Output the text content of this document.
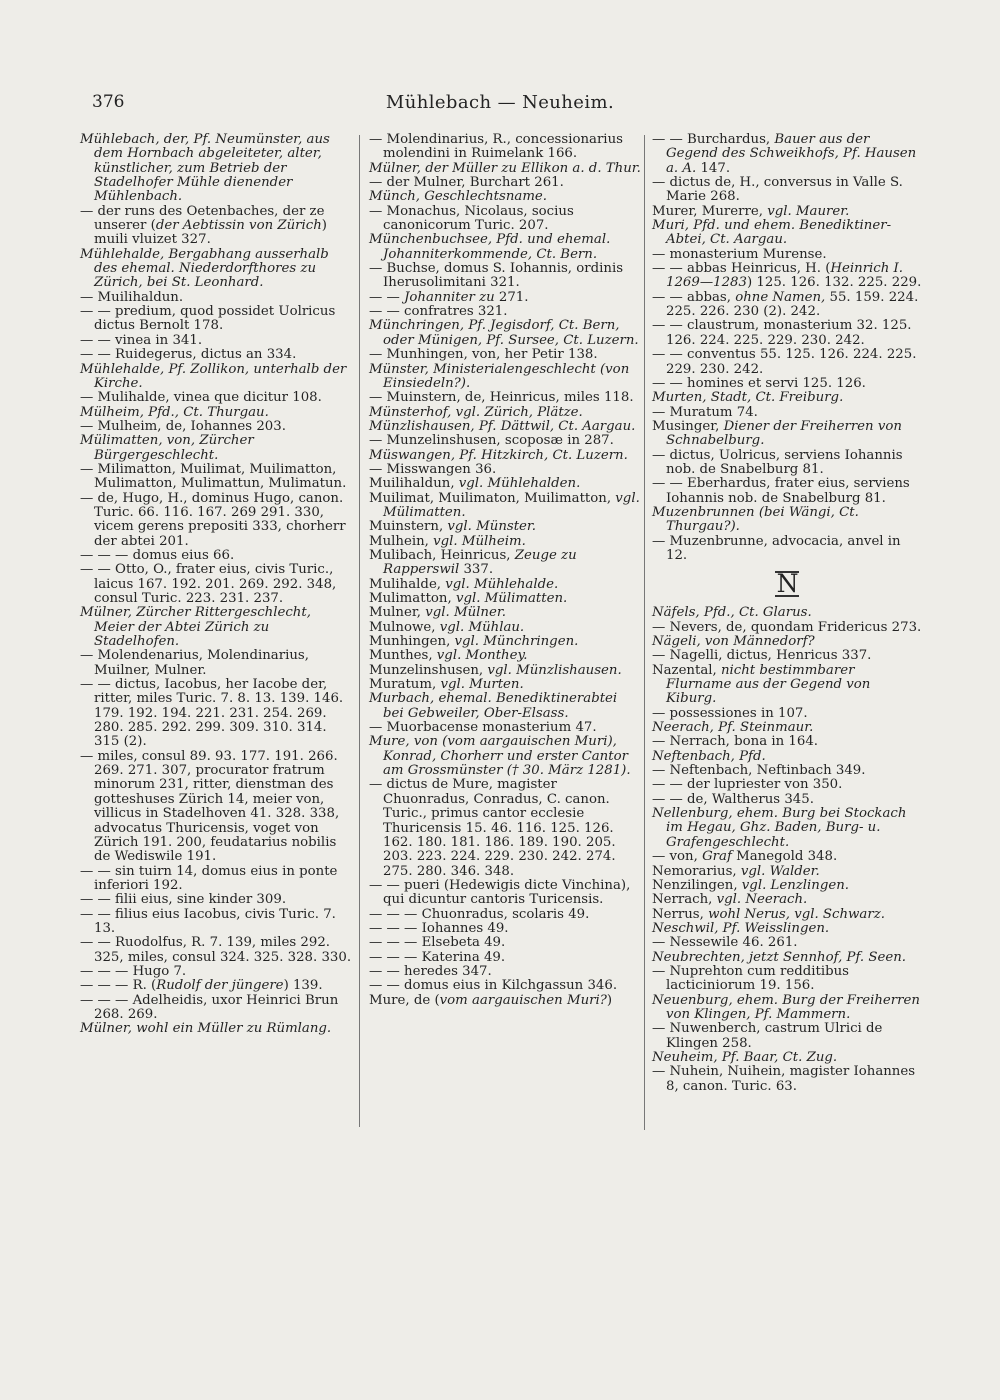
376	Mühlebach — Neuheim.

Mühlebach, der, Pf. Neumünster, aus dem Hornbach abgeleiteter, alter, künstlicher, zum Betrieb der Stadelhofer Mühle dienender Mühlenbach.

— der runs des Oetenbaches, der ze unserer (der Aebtissin von Zürich) muili vluizet 327.

Mühlehalde, Bergabhang ausserhalb des ehemal. Niederdorfthores zu Zürich, bei St. Leonhard.

— Muilihaldun.

— — predium, quod possidet Uolricus dictus Bernolt 178.

— — vinea in 341.

— — Ruidegerus, dictus an 334.

Mühlehalde, Pf. Zollikon, unterhalb der Kirche.

— Mulihalde, vinea que dicitur 108.

Mülheim, Pfd., Ct. Thurgau.

— Mulheim, de, Iohannes 203.

Mülimatten, von, Zürcher Bürgergeschlecht.

— Milimatton, Muilimat, Muilimatton, Mulimatton, Mulimattun, Mulimatun.

— de, Hugo, H., dominus Hugo, canon. Turic. 66. 116. 167. 269 291. 330, vicem gerens prepositi 333, chorherr der abtei 201.

— — — domus eius 66.

— — Otto, O., frater eius, civis Turic., laicus 167. 192. 201. 269. 292. 348, consul Turic. 223. 231. 237.

Mülner, Zürcher Rittergeschlecht, Meier der Abtei Zürich zu Stadelhofen.

— Molendenarius, Molendinarius, Muilner, Mulner.

— — dictus, Iacobus, her Iacobe der, ritter, miles Turic. 7. 8. 13. 139. 146. 179. 192. 194. 221. 231. 254. 269. 280. 285. 292. 299. 309. 310. 314. 315 (2).

— miles, consul 89. 93. 177. 191. 266. 269. 271. 307, procurator fratrum minorum 231, ritter, dienstman des gotteshuses Zürich 14, meier von, villicus in Stadelhoven 41. 328. 338, advocatus Thuricensis, voget von Zürich 191. 200, feudatarius nobilis de Wediswile 191.

— — sin tuirn 14, domus eius in ponte inferiori 192.

— — filii eius, sine kinder 309.

— — filius eius Iacobus, civis Turic. 7. 13.

— — Ruodolfus, R. 7. 139, miles 292. 325, miles, consul 324. 325. 328. 330.

— — — Hugo 7.

— — — R. (Rudolf der jüngere) 139.

— — — Adelheidis, uxor Heinrici Brun 268. 269.

Mülner, wohl ein Müller zu Rümlang.

— Molendinarius, R., concessionarius molendini in Ruimelank 166.

Mülner, der Müller zu Ellikon a. d. Thur.

— der Mulner, Burchart 261.

Münch, Geschlechtsname.

— Monachus, Nicolaus, socius canonicorum Turic. 207.

Münchenbuchsee, Pfd. und ehemal. Johanniterkommende, Ct. Bern.

— Buchse, domus S. Iohannis, ordinis Iherusolimitani 321.

— — Johanniter zu 271.

— — confratres 321.

Münchringen, Pf. Jegisdorf, Ct. Bern, oder Münigen, Pf. Sursee, Ct. Luzern.

— Munhingen, von, her Petir 138.

Münster, Ministerialengeschlecht (von Einsiedeln?).

— Muinstern, de, Heinricus, miles 118.

Münsterhof, vgl. Zürich, Plätze.

Münzlishausen, Pf. Dättwil, Ct. Aargau.

— Munzelinshusen, scoposæ in 287.

Müswangen, Pf. Hitzkirch, Ct. Luzern.

— Misswangen 36.

Muilihaldun, vgl. Mühlehalden.

Muilimat, Muilimaton, Muilimatton, vgl. Mülimatten.

Muinstern, vgl. Münster.

Mulhein, vgl. Mülheim.

Mulibach, Heinricus, Zeuge zu Rapperswil 337.

Mulihalde, vgl. Mühlehalde.

Mulimatton, vgl. Mülimatten.

Mulner, vgl. Mülner.

Mulnowe, vgl. Mühlau.

Munhingen, vgl. Münchringen.

Munthes, vgl. Monthey.

Munzelinshusen, vgl. Münzlishausen.

Muratum, vgl. Murten.

Murbach, ehemal. Benediktinerabtei bei Gebweiler, Ober-Elsass.

— Muorbacense monasterium 47.

Mure, von (vom aargauischen Muri), Konrad, Chorherr und erster Cantor am Grossmünster († 30. März 1281).

— dictus de Mure, magister Chuonradus, Conradus, C. canon. Turic., primus cantor ecclesie Thuricensis 15. 46. 116. 125. 126. 162. 180. 181. 186. 189. 190. 205. 203. 223. 224. 229. 230. 242. 274. 275. 280. 346. 348.

— — pueri (Hedewigis dicte Vinchina), qui dicuntur cantoris Turicensis.

— — — Chuonradus, scolaris 49.

— — — Iohannes 49.

— — — Elsebeta 49.

— — — Katerina 49.

— — heredes 347.

— — domus eius in Kilchgassun 346.

Mure, de (vom aargauischen Muri?)

— — Burchardus, Bauer aus der Gegend des Schweikhofs, Pf. Hausen a. A. 147.

— dictus de, H., conversus in Valle S. Marie 268.

Murer, Murerre, vgl. Maurer.

Muri, Pfd. und ehem. Benediktiner-Abtei, Ct. Aargau.

— monasterium Murense.

— — abbas Heinricus, H. (Heinrich I. 1269—1283) 125. 126. 132. 225. 229.

— — abbas, ohne Namen, 55. 159. 224. 225. 226. 230 (2). 242.

— — claustrum, monasterium 32. 125. 126. 224. 225. 229. 230. 242.

— — conventus 55. 125. 126. 224. 225. 229. 230. 242.

— — homines et servi 125. 126.

Murten, Stadt, Ct. Freiburg.

— Muratum 74.

Musinger, Diener der Freiherren von Schnabelburg.

— dictus, Uolricus, serviens Iohannis nob. de Snabelburg 81.

— — Eberhardus, frater eius, serviens Iohannis nob. de Snabelburg 81.

Muzenbrunnen (bei Wängi, Ct. Thurgau?).

— Muzenbrunne, advocacia, anvel in 12.

N

Näfels, Pfd., Ct. Glarus.

— Nevers, de, quondam Fridericus 273.

Nägeli, von Männedorf?

— Nagelli, dictus, Henricus 337.

Nazental, nicht bestimmbarer Flurname aus der Gegend von Kiburg.

— possessiones in 107.

Neerach, Pf. Steinmaur.

— Nerrach, bona in 164.

Neftenbach, Pfd.

— Neftenbach, Neftinbach 349.

— — der lupriester von 350.

— — de, Waltherus 345.

Nellenburg, ehem. Burg bei Stockach im Hegau, Ghz. Baden, Burg- u. Grafengeschlecht.

— von, Graf Manegold 348.

Nemorarius, vgl. Walder.

Nenzilingen, vgl. Lenzlingen.

Nerrach, vgl. Neerach.

Nerrus, wohl Nerus, vgl. Schwarz.

Neschwil, Pf. Weisslingen.

— Nessewile 46. 261.

Neubrechten, jetzt Sennhof, Pf. Seen.

— Nuprehton cum redditibus lacticiniorum 19. 156.

Neuenburg, ehem. Burg der Freiherren von Klingen, Pf. Mammern.

— Nuwenberch, castrum Ulrici de Klingen 258.

Neuheim, Pf. Baar, Ct. Zug.

— Nuhein, Nuihein, magister Iohannes 8, canon. Turic. 63.
